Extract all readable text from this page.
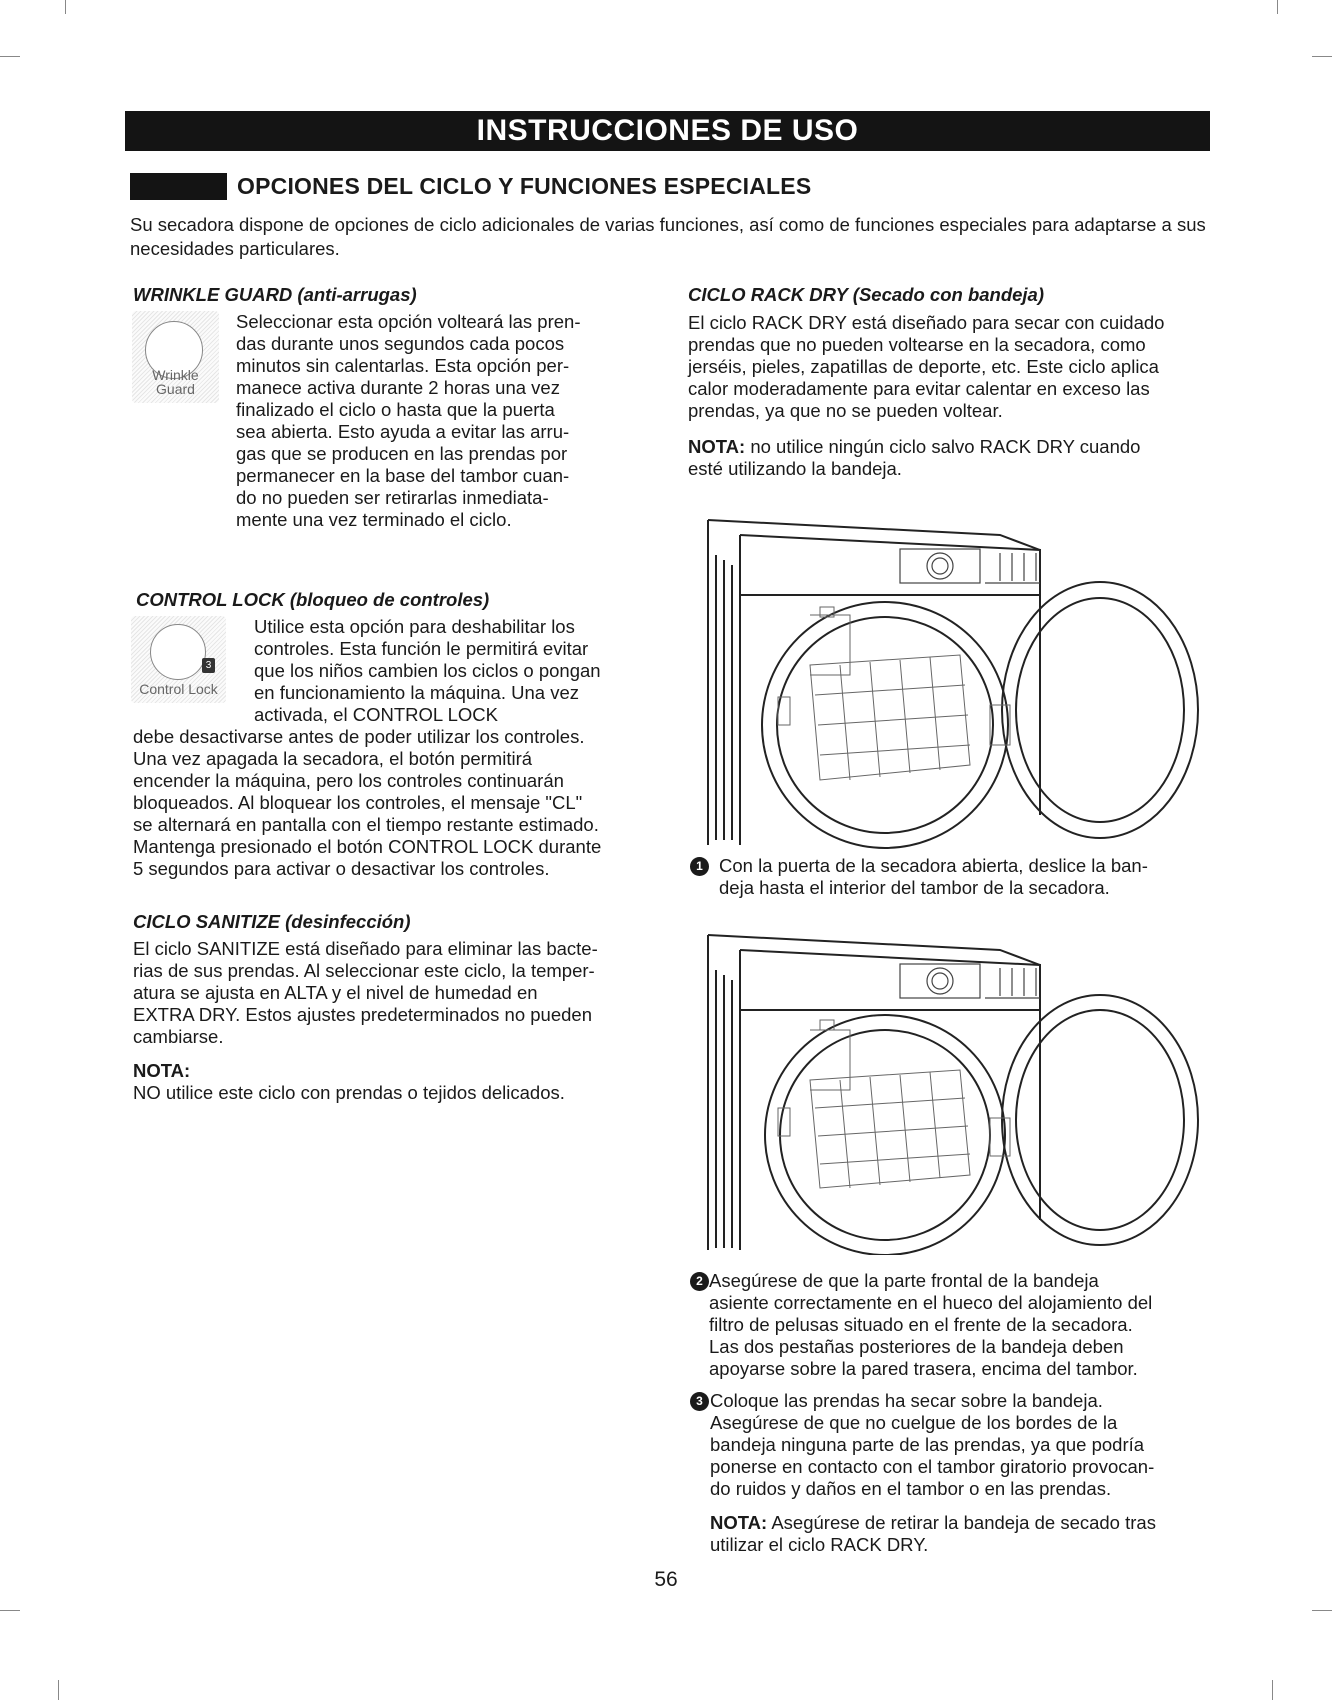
INSTRUCCIONES DE USO
OPCIONES DEL CICLO Y FUNCIONES ESPECIALES
Su secadora dispone de opciones de ciclo adicionales de varias funciones, así como de funciones especiales para adaptarse a sus necesidades particulares.
WRINKLE GUARD (anti-arrugas)
Wrinkle
Guard
Seleccionar esta opción volteará las pren-
das durante unos segundos cada pocos
minutos sin calentarlas. Esta opción per-
manece activa durante 2 horas una vez
finalizado el ciclo o hasta que la puerta
sea abierta. Esto ayuda a evitar las arru-
gas que se producen en las prendas por
permanecer en la base del tambor cuan-
do no pueden ser retirarlas inmediata-
mente una vez terminado el ciclo.
CONTROL LOCK (bloqueo de controles)
3
Control Lock
Utilice esta opción para deshabilitar los
controles. Esta función le permitirá evitar
que los niños cambien los ciclos o pongan
en funcionamiento la máquina. Una vez
activada, el CONTROL LOCK
debe desactivarse antes de poder utilizar los controles.
Una vez apagada la secadora, el botón permitirá
encender la máquina, pero los controles continuarán
bloqueados. Al bloquear los controles, el mensaje "CL"
se alternará en pantalla con el tiempo restante estimado.
Mantenga presionado el botón CONTROL LOCK durante
5 segundos para activar o desactivar los controles.
CICLO SANITIZE (desinfección)
El ciclo SANITIZE está diseñado para eliminar las bacte-
rias de sus prendas. Al seleccionar este ciclo, la temper-
atura se ajusta en ALTA y el nivel de humedad en
EXTRA DRY. Estos ajustes predeterminados no pueden
cambiarse.
NOTA:
NO utilice este ciclo con prendas o tejidos delicados.
CICLO RACK DRY (Secado con bandeja)
El ciclo RACK DRY está diseñado para secar con cuidado
prendas que no pueden voltearse en la secadora, como
jerséis, pieles, zapatillas de deporte, etc. Este ciclo aplica
calor moderadamente para evitar calentar en exceso las
prendas, ya que no se pueden voltear.
NOTA: no utilice ningún ciclo salvo RACK DRY cuando
esté utilizando la bandeja.
1 Con la puerta de la secadora abierta, deslice la ban-
deja hasta el interior del tambor de la secadora.
2 Asegúrese de que la parte frontal de la bandeja
asiente correctamente en el hueco del alojamiento del
filtro de pelusas situado en el frente de la secadora.
Las dos pestañas posteriores de la bandeja deben
apoyarse sobre la pared trasera, encima del tambor.
3 Coloque las prendas ha secar sobre la bandeja.
Asegúrese de que no cuelgue de los bordes de la
bandeja ninguna parte de las prendas, ya que podría
ponerse en contacto con el tambor giratorio provocan-
do ruidos y daños en el tambor o en las prendas.
NOTA: Asegúrese de retirar la bandeja de secado tras
utilizar el ciclo RACK DRY.
56
